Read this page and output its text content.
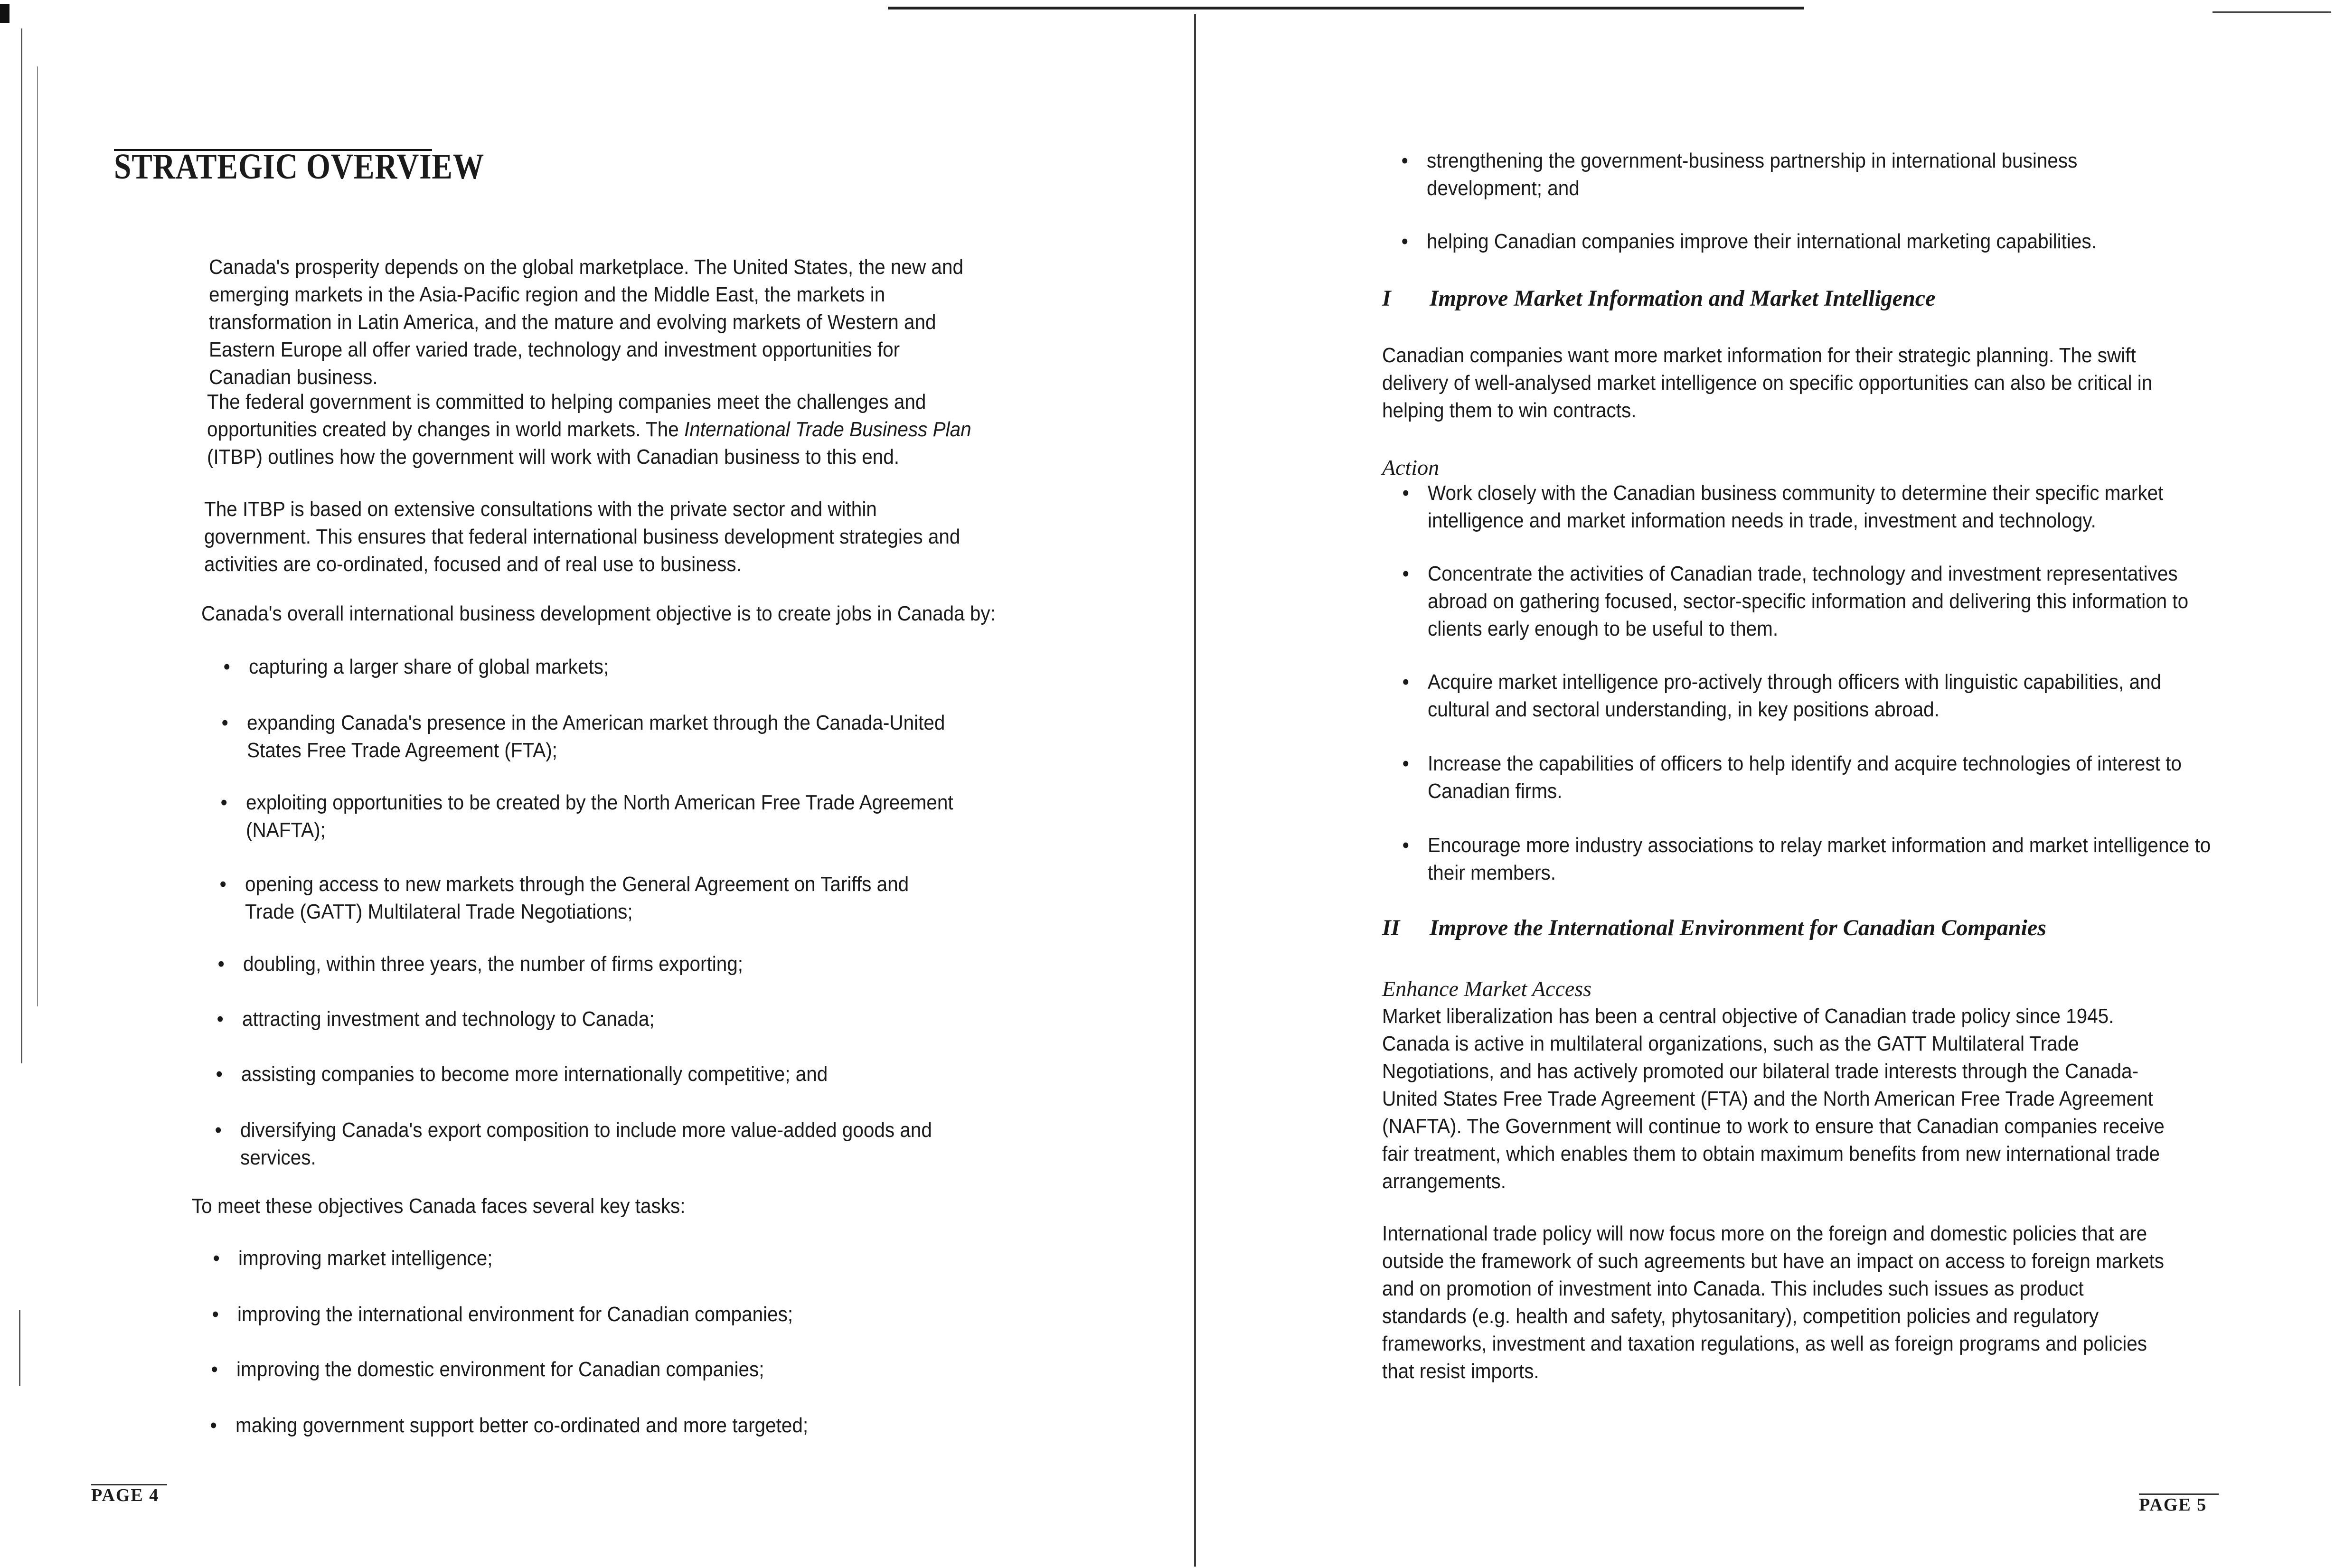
STRATEGIC OVERVIEW

Canada's prosperity depends on the global marketplace. The United States, the new and emerging markets in the Asia-Pacific region and the Middle East, the markets in transformation in Latin America, and the mature and evolving markets of Western and Eastern Europe all offer varied trade, technology and investment opportunities for Canadian business.

The federal government is committed to helping companies meet the challenges and opportunities created by changes in world markets. The International Trade Business Plan (ITBP) outlines how the government will work with Canadian business to this end.

The ITBP is based on extensive consultations with the private sector and within government. This ensures that federal international business development strategies and activities are co-ordinated, focused and of real use to business.

Canada's overall international business development objective is to create jobs in Canada by:

• capturing a larger share of global markets;
• expanding Canada's presence in the American market through the Canada-United States Free Trade Agreement (FTA);
• exploiting opportunities to be created by the North American Free Trade Agreement (NAFTA);
• opening access to new markets through the General Agreement on Tariffs and Trade (GATT) Multilateral Trade Negotiations;
• doubling, within three years, the number of firms exporting;
• attracting investment and technology to Canada;
• assisting companies to become more internationally competitive; and
• diversifying Canada's export composition to include more value-added goods and services.

To meet these objectives Canada faces several key tasks:

• improving market intelligence;
• improving the international environment for Canadian companies;
• improving the domestic environment for Canadian companies;
• making government support better co-ordinated and more targeted;
PAGE 4
• strengthening the government-business partnership in international business development; and
• helping Canadian companies improve their international marketing capabilities.
I Improve Market Information and Market Intelligence

Canadian companies want more market information for their strategic planning. The swift delivery of well-analysed market intelligence on specific opportunities can also be critical in helping them to win contracts.

Action
• Work closely with the Canadian business community to determine their specific market intelligence and market information needs in trade, investment and technology.
• Concentrate the activities of Canadian trade, technology and investment representatives abroad on gathering focused, sector-specific information and delivering this information to clients early enough to be useful to them.
• Acquire market intelligence pro-actively through officers with linguistic capabilities, and cultural and sectoral understanding, in key positions abroad.
• Increase the capabilities of officers to help identify and acquire technologies of interest to Canadian firms.
• Encourage more industry associations to relay market information and market intelligence to their members.
II Improve the International Environment for Canadian Companies
Enhance Market Access

Market liberalization has been a central objective of Canadian trade policy since 1945. Canada is active in multilateral organizations, such as the GATT Multilateral Trade Negotiations, and has actively promoted our bilateral trade interests through the Canada-United States Free Trade Agreement (FTA) and the North American Free Trade Agreement (NAFTA). The Government will continue to work to ensure that Canadian companies receive fair treatment, which enables them to obtain maximum benefits from new international trade arrangements.

International trade policy will now focus more on the foreign and domestic policies that are outside the framework of such agreements but have an impact on access to foreign markets and on promotion of investment into Canada. This includes such issues as product standards (e.g. health and safety, phytosanitary), competition policies and regulatory frameworks, investment and taxation regulations, as well as foreign programs and policies that resist imports.

PAGE 5
